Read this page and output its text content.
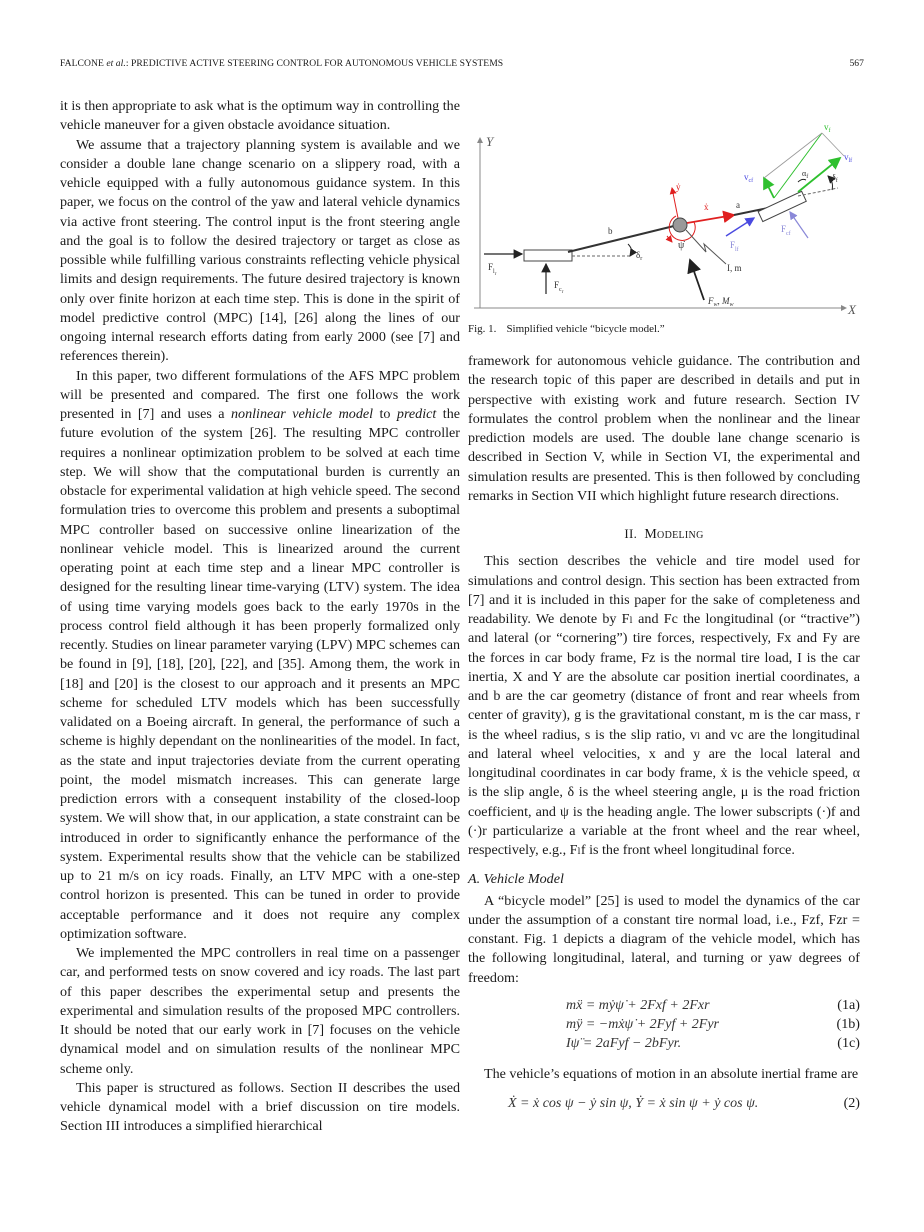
FALCONE et al.: PREDICTIVE ACTIVE STEERING CONTROL FOR AUTONOMOUS VEHICLE SYSTEMS	567

it is then appropriate to ask what is the optimum way in controlling the vehicle maneuver for a given obstacle avoidance situation.

We assume that a trajectory planning system is available and we consider a double lane change scenario on a slippery road, with a vehicle equipped with a fully autonomous guidance system. In this paper, we focus on the control of the yaw and lateral vehicle dynamics via active front steering. The control input is the front steering angle and the goal is to follow the desired trajectory or target as close as possible while fulfilling various constraints reflecting vehicle physical limits and design requirements. The future desired trajectory is known only over finite horizon at each time step. This is done in the spirit of model predictive control (MPC) [14], [26] along the lines of our ongoing internal research efforts dating from early 2000 (see [7] and references therein).

In this paper, two different formulations of the AFS MPC problem will be presented and compared. The first one follows the work presented in [7] and uses a nonlinear vehicle model to predict the future evolution of the system [26]. The resulting MPC controller requires a nonlinear optimization problem to be solved at each time step. We will show that the computational burden is currently an obstacle for experimental validation at high vehicle speed. The second formulation tries to overcome this problem and presents a suboptimal MPC controller based on successive online linearization of the nonlinear vehicle model. This is linearized around the current operating point at each time step and a linear MPC controller is designed for the resulting linear time-varying (LTV) system. The idea of using time varying models goes back to the early 1970s in the process control field although it has been properly formalized only recently. Studies on linear parameter varying (LPV) MPC schemes can be found in [9], [18], [20], [22], and [35]. Among them, the work in [18] and [20] is the closest to our approach and it presents an MPC scheme for scheduled LTV models which has been successfully validated on a Boeing aircraft. In general, the performance of such a scheme is highly dependant on the nonlinearities of the model. In fact, as the state and input trajectories deviate from the current operating point, the model mismatch increases. This can generate large prediction errors with a consequent instability of the closed-loop system. We will show that, in our application, a state constraint can be introduced in order to significantly enhance the performance of the system. Experimental results show that the vehicle can be stabilized up to 21 m/s on icy roads. Finally, an LTV MPC with a one-step control horizon is presented. This can be tuned in order to provide acceptable performance and it does not require any complex optimization software.

We implemented the MPC controllers in real time on a passenger car, and performed tests on snow covered and icy roads. The last part of this paper describes the experimental setup and presents the experimental and simulation results of the proposed MPC controllers. It should be noted that our early work in [7] focuses on the vehicle dynamical model and on simulation results of the nonlinear MPC scheme only.

This paper is structured as follows. Section II describes the used vehicle dynamical model with a brief discussion on tire models. Section III introduces a simplified hierarchical

Y
X
$F_{lr}$
$F_{cr}$
b
$\delta_r$
ẏ
ẋ
ψ̇
a
I, m
$F_w$, $M_w$
$v_f$
$v_{lf}$
$v_{cf}$
$\alpha_f$	$\delta_f$
$F_{lf}$
$F_{cf}$

Fig. 1. Simplified vehicle “bicycle model.”

framework for autonomous vehicle guidance. The contribution and the research topic of this paper are described in details and put in perspective with existing work and future research. Section IV formulates the control problem when the nonlinear and the linear prediction models are used. The double lane change scenario is described in Section V, while in Section VI, the experimental and simulation results are presented. This is then followed by concluding remarks in Section VII which highlight future research directions.

II. Modeling

This section describes the vehicle and tire model used for simulations and control design. This section has been extracted from [7] and it is included in this paper for the sake of completeness and readability. We denote by Fₗ and Fc the longitudinal (or “tractive”) and lateral (or “cornering”) tire forces, respectively, Fx and Fy are the forces in car body frame, Fz is the normal tire load, I is the car inertia, X and Y are the absolute car position inertial coordinates, a and b are the car geometry (distance of front and rear wheels from center of gravity), g is the gravitational constant, m is the car mass, r is the wheel radius, s is the slip ratio, vₗ and vc are the longitudinal and lateral wheel velocities, x and y are the local lateral and longitudinal coordinates in car body frame, ẋ is the vehicle speed, α is the slip angle, δ is the wheel steering angle, μ is the road friction coefficient, and ψ is the heading angle. The lower subscripts (·)f and (·)r particularize a variable at the front wheel and the rear wheel, respectively, e.g., Fₗf is the front wheel longitudinal force.

A. Vehicle Model

A “bicycle model” [25] is used to model the dynamics of the car under the assumption of a constant tire normal load, i.e., Fzf, Fzr = constant. Fig. 1 depicts a diagram of the vehicle model, which has the following longitudinal, lateral, and turning or yaw degrees of freedom:

mẍ = mẏψ̇ + 2Fxf + 2Fxr	(1a)
mÿ = −mẋψ̇ + 2Fyf + 2Fyr	(1b)
Iψ̈ = 2aFyf − 2bFyr.	(1c)

The vehicle’s equations of motion in an absolute inertial frame are

Ẋ = ẋ cos ψ − ẏ sin ψ, Ẏ = ẋ sin ψ + ẏ cos ψ.	(2)
